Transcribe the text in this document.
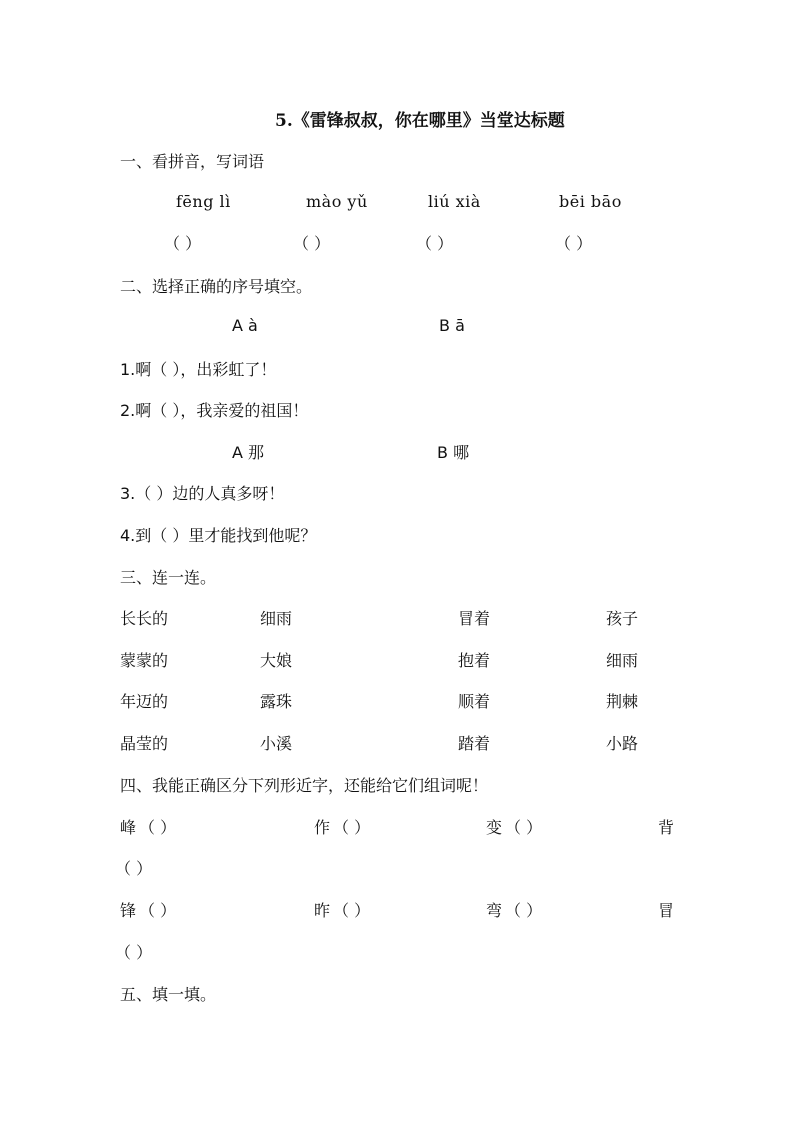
5.《雷锋叔叔，你在哪里》当堂达标题
一、看拼音，写词语
fēng lì	mào yǔ	liú xià	bēi bāo
（ ）	（ ）	（ ）	（ ）
二、选择正确的序号填空。
A à	B ā
1.啊（ ），出彩虹了！
2.啊（ ），我亲爱的祖国！
A 那	B 哪
3.（ ）边的人真多呀！
4.到（ ）里才能找到他呢？
三、连一连。
长长的	细雨	冒着	孩子
蒙蒙的	大娘	抱着	细雨
年迈的	露珠	顺着	荆棘
晶莹的	小溪	踏着	小路
四、我能正确区分下列形近字，还能给它们组词呢！
峰 （ ）	作 （ ）	变 （ ）	背
（ ）
锋 （ ）	昨 （ ）	弯 （ ）	冒
（ ）
五、填一填。
